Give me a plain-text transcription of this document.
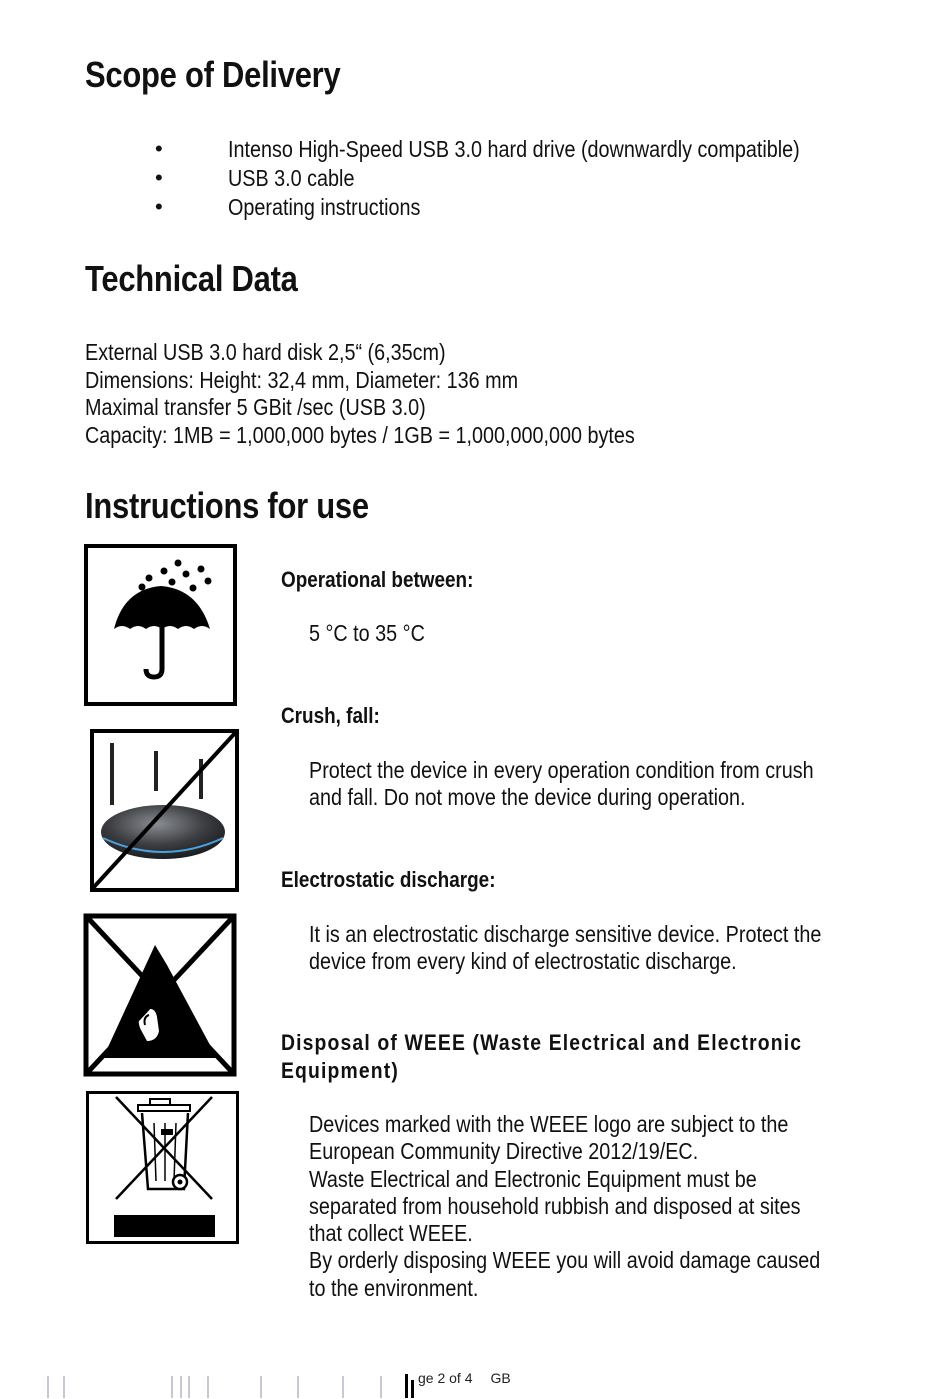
Scope of Delivery
•	Intenso High-Speed USB 3.0 hard drive (downwardly compatible)
•	USB 3.0 cable
•	Operating instructions
Technical Data
External USB 3.0 hard disk 2,5“ (6,35cm)
Dimensions: Height: 32,4 mm, Diameter: 136 mm
Maximal transfer 5 GBit /sec (USB 3.0)
Capacity: 1MB = 1,000,000 bytes / 1GB = 1,000,000,000 bytes
Instructions for use
Operational between:
5 °C to 35 °C
Crush, fall:
Protect the device in every operation condition from crush
and fall. Do not move the device during operation.
Electrostatic discharge:
It is an electrostatic discharge sensitive device. Protect the
device from every kind of electrostatic discharge.
Disposal of WEEE (Waste Electrical and Electronic Equipment)
Devices marked with the WEEE logo are subject to the
European Community Directive 2012/19/EC.
Waste Electrical and Electronic Equipment must be
separated from household rubbish and disposed at sites
that collect WEEE.
By orderly disposing WEEE you will avoid damage caused
to the environment.
ge 2 of 4 GB
